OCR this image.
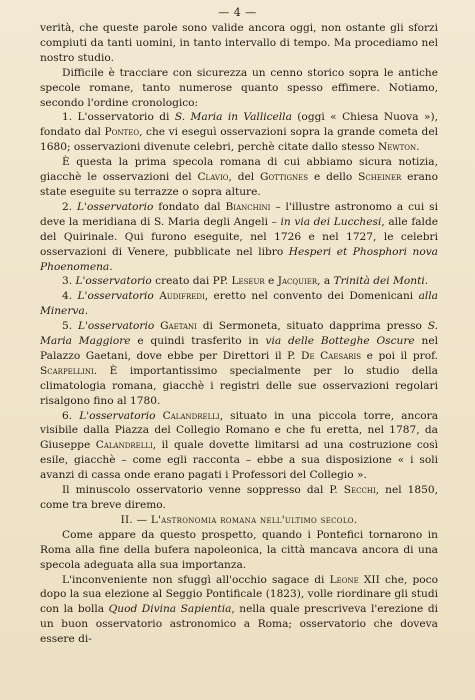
— 4 —

verità, che queste parole sono valide ancora oggi, non ostante gli sforzi compiuti da tanti uomini, in tanto intervallo di tempo. Ma procediamo nel nostro studio.

Difficile è tracciare con sicurezza un cenno storico sopra le antiche specole romane, tanto numerose quanto spesso effimere. Notiamo, secondo l'ordine cronologico:

1. L'osservatorio di S. Maria in Vallicella (oggi « Chiesa Nuova »), fondato dal Ponteo, che vi eseguì osservazioni sopra la grande cometa del 1680; osservazioni divenute celebri, perchè citate dallo stesso Newton.

È questa la prima specola romana di cui abbiamo sicura notizia, giacchè le osservazioni del Clavio, del Gottignes e dello Scheiner erano state eseguite su terrazze o sopra alture.

2. L'osservatorio fondato dal Bianchini – l'illustre astronomo a cui si deve la meridiana di S. Maria degli Angeli – in via dei Lucchesi, alle falde del Quirinale. Qui furono eseguite, nel 1726 e nel 1727, le celebri osservazioni di Venere, pubblicate nel libro Hesperi et Phosphori nova Phoenomena.

3. L'osservatorio creato dai PP. Leseur e Jacquier, a Trinità dei Monti.

4. L'osservatorio Audifredi, eretto nel convento dei Domenicani alla Minerva.

5. L'osservatorio Gaetani di Sermoneta, situato dapprima presso S. Maria Maggiore e quindi trasferito in via delle Botteghe Oscure nel Palazzo Gaetani, dove ebbe per Direttori il P. De Caesaris e poi il prof. Scarpellini. È importantissimo specialmente per lo studio della climatologia romana, giacchè i registri delle sue osservazioni regolari risalgono fino al 1780.

6. L'osservatorio Calandrelli, situato in una piccola torre, ancora visibile dalla Piazza del Collegio Romano e che fu eretta, nel 1787, da Giuseppe Calandrelli, il quale dovette limitarsi ad una costruzione così esile, giacchè – come egli racconta – ebbe a sua disposizione « i soli avanzi di cassa onde erano pagati i Professori del Collegio ».

Il minuscolo osservatorio venne soppresso dal P. Secchi, nel 1850, come tra breve diremo.

II. — L'astronomia romana nell'ultimo secolo.

Come appare da questo prospetto, quando i Pontefici tornarono in Roma alla fine della bufera napoleonica, la città mancava ancora di una specola adeguata alla sua importanza.

L'inconveniente non sfuggì all'occhio sagace di Leone XII che, poco dopo la sua elezione al Seggio Pontificale (1823), volle riordinare gli studi con la bolla Quod Divina Sapientia, nella quale prescriveva l'erezione di un buon osservatorio astronomico a Roma; osservatorio che doveva essere di-
